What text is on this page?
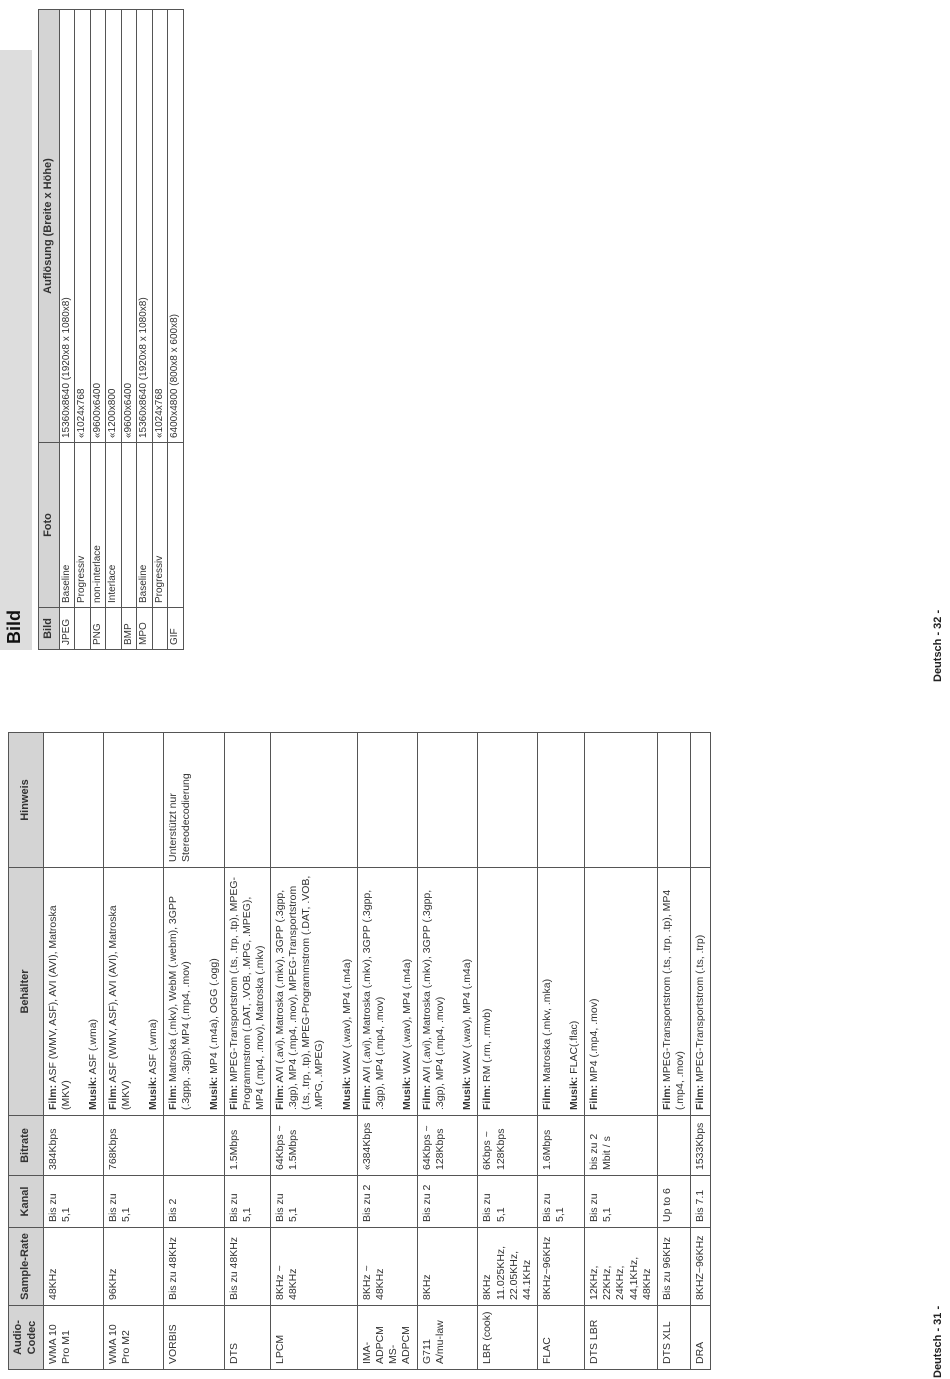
Audio-Codec	Sample-Rate	Kanal	Bitrate	Behälter	Hinweis
WMA 10 Pro M1	48KHz	Bis zu 5,1	384Kbps	Film: ASF (WMV, ASF), AVI (AVI), Matroska (MKV) Musik: ASF (.wma)	

WMA 10 Pro M2	96KHz	Bis zu 5,1	768Kbps	Film: ASF (WMV, ASF), AVI (AVI), Matroska (MKV) Musik: ASF (.wma)	

VORBIS	Bis zu 48KHz	Bis 2		Film: Matroska (.mkv), WebM (.webm), 3GPP (.3gpp, .3gp), MP4 (.mp4, .mov) Musik: MP4 (.m4a), OGG (.ogg)	Unterstützt nur Stereodecodierung
DTS	Bis zu 48KHz	Bis zu 5,1	1.5Mbps	Film: MPEG-Transportstrom (.ts, .trp, .tp), MPEG-Programmstrom (.DAT, .VOB, .MPG, .MPEG), MP4 (.mp4, .mov), Matroska (.mkv)	

LPCM	8KHz ~ 48KHz	Bis zu 5,1	64Kbps ~ 1.5Mbps	Film: AVI (.avi), Matroska (.mkv), 3GPP (.3gpp, .3gp), MP4 (.mp4, .mov), MPEG-Transportstrom (.ts, .trp, .tp), MPEG-Programmstrom (.DAT, .VOB, .MPG, .MPEG) Musik: WAV (.wav), MP4 (.m4a)	

IMA-ADPCM MS-ADPCM	8KHz ~ 48KHz	Bis zu 2	«384Kbps	Film: AVI (.avi), Matroska (.mkv), 3GPP (.3gpp, .3gp), MP4 (.mp4, .mov) Musik: WAV (.wav), MP4 (.m4a)	

G711 A/mu-law	8KHz	Bis zu 2	64Kbps ~ 128Kbps	Film: AVI (.avi), Matroska (.mkv), 3GPP (.3gpp, .3gp), MP4 (.mp4, .mov) Musik: WAV (.wav), MP4 (.m4a)	

LBR (cook)	8KHz 11.025KHz, 22.05KHz, 44.1KHz	Bis zu 5,1	6Kbps ~ 128Kbps	Film: RM (.rm, .rmvb)	

FLAC	8KHz~96KHz	Bis zu 5,1	1.6Mbps	Film: Matroska (.mkv, .mka)
Musik: FLAC(.flac)	

DTS LBR	12KHz, 22KHz, 24KHz, 44,1KHz, 48KHz	Bis zu 5,1	bis zu 2 Mbit / s	Film: MP4 (.mp4, .mov)	

DTS XLL	Bis zu 96KHz	Up to 6		Film: MPEG-Transportstrom (.ts, .trp, .tp), MP4 (.mp4, .mov)	

DRA	8KHZ~96KHz	Bis 7.1	1533Kbps	Film: MPEG-Transportstrom (.ts, .trp)	

Bild Bild	Foto	Auflösung (Breite x Höhe)
JPEG	Baseline	15360x8640 (1920x8 x 1080x8)
	Progressiv	«1024x768
PNG	non-interlace	«9600x6400
	Interlace	«1200x800
BMP		«9600x6400
MPO	Baseline	15360x8640 (1920x8 x 1080x8)
	Progressiv	«1024x768
GIF		6400x4800 (800x8 x 600x8)
Deutsch - 31 -
Deutsch - 32 -
